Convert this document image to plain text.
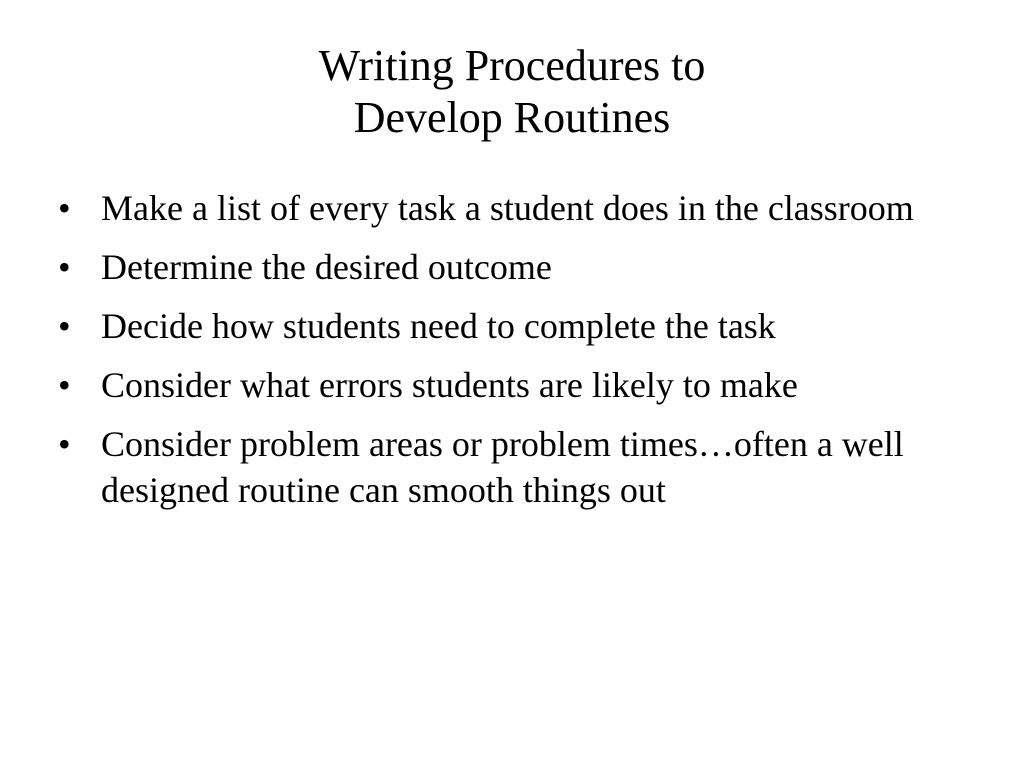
Writing Procedures to
Develop Routines
• Make a list of every task a student does in the classroom
• Determine the desired outcome
• Decide how students need to complete the task
• Consider what errors students are likely to make
• Consider problem areas or problem times…often a well designed routine can smooth things out
